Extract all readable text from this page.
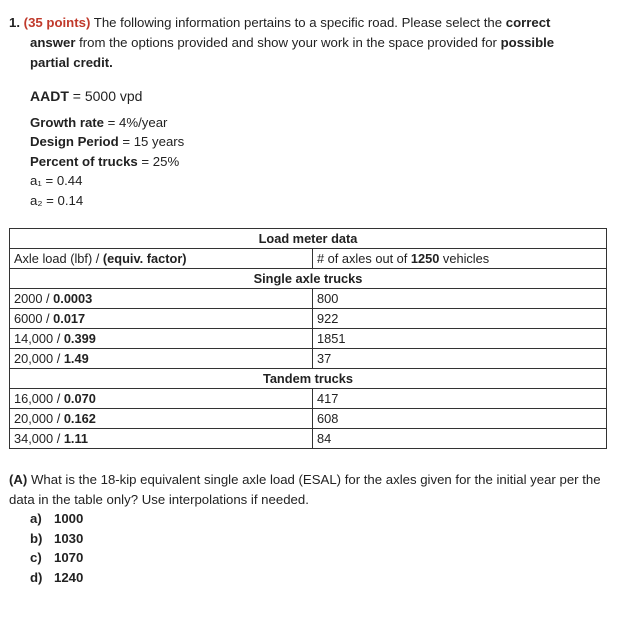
1. (35 points) The following information pertains to a specific road. Please select the correct
answer from the options provided and show your work in the space provided for possible
partial credit.
AADT = 5000 vpd
Growth rate = 4%/year
Design Period = 15 years
Percent of trucks = 25%
a₁ = 0.44
a₂ = 0.14
Load meter data	
Axle load (lbf) / (equiv. factor)	# of axles out of 1250 vehicles
Single axle trucks	
2000 / 0.0003	800
6000 / 0.017	922
14,000 / 0.399	1851
20,000 / 1.49	37
Tandem trucks	
16,000 / 0.070	417
20,000 / 0.162	608
34,000 / 1.11	84
(A) What is the 18-kip equivalent single axle load (ESAL) for the axles given for the initial year per the data in the table only? Use interpolations if needed.
a) 1000
b) 1030
c) 1070
d) 1240
